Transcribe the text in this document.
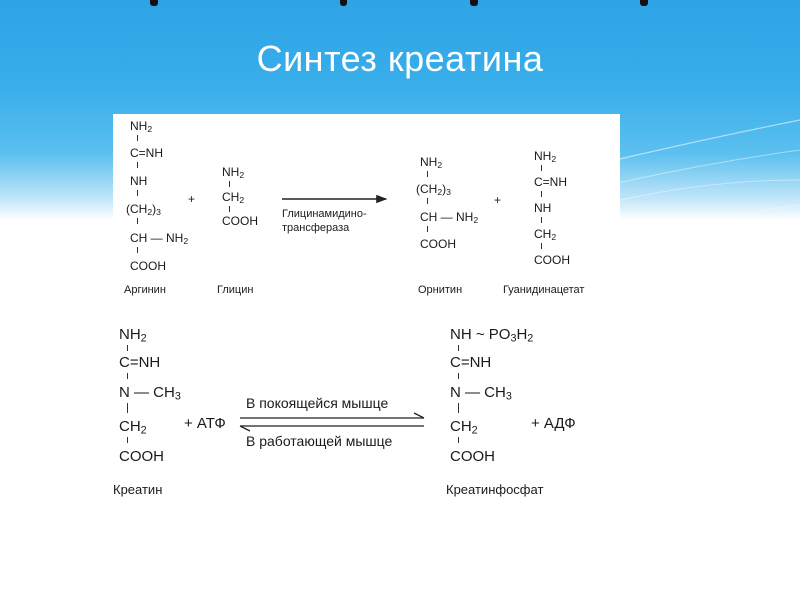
Синтез креатина
$NH_2$
C=NH
NH
$(CH_2)_3$
CH — $NH_2$
COOH
Аргинин
+
$NH_2$
$CH_2$
COOH
Глицин
Глицинамидино-
трансфераза
$NH_2$
$(CH_2)_3$
CH — $NH_2$
COOH
Орнитин
+
$NH_2$
C=NH
NH
$CH_2$
COOH
Гуанидинацетат
$NH_2$
C=NH
N — $CH_3$
$CH_2$
COOH
Креатин
+ АТФ
В покоящейся мышце
В работающей мышце
NH ~ $PO_3H_2$
C=NH
N — $CH_3$
$CH_2$
COOH
Креатинфосфат
+ АДФ
